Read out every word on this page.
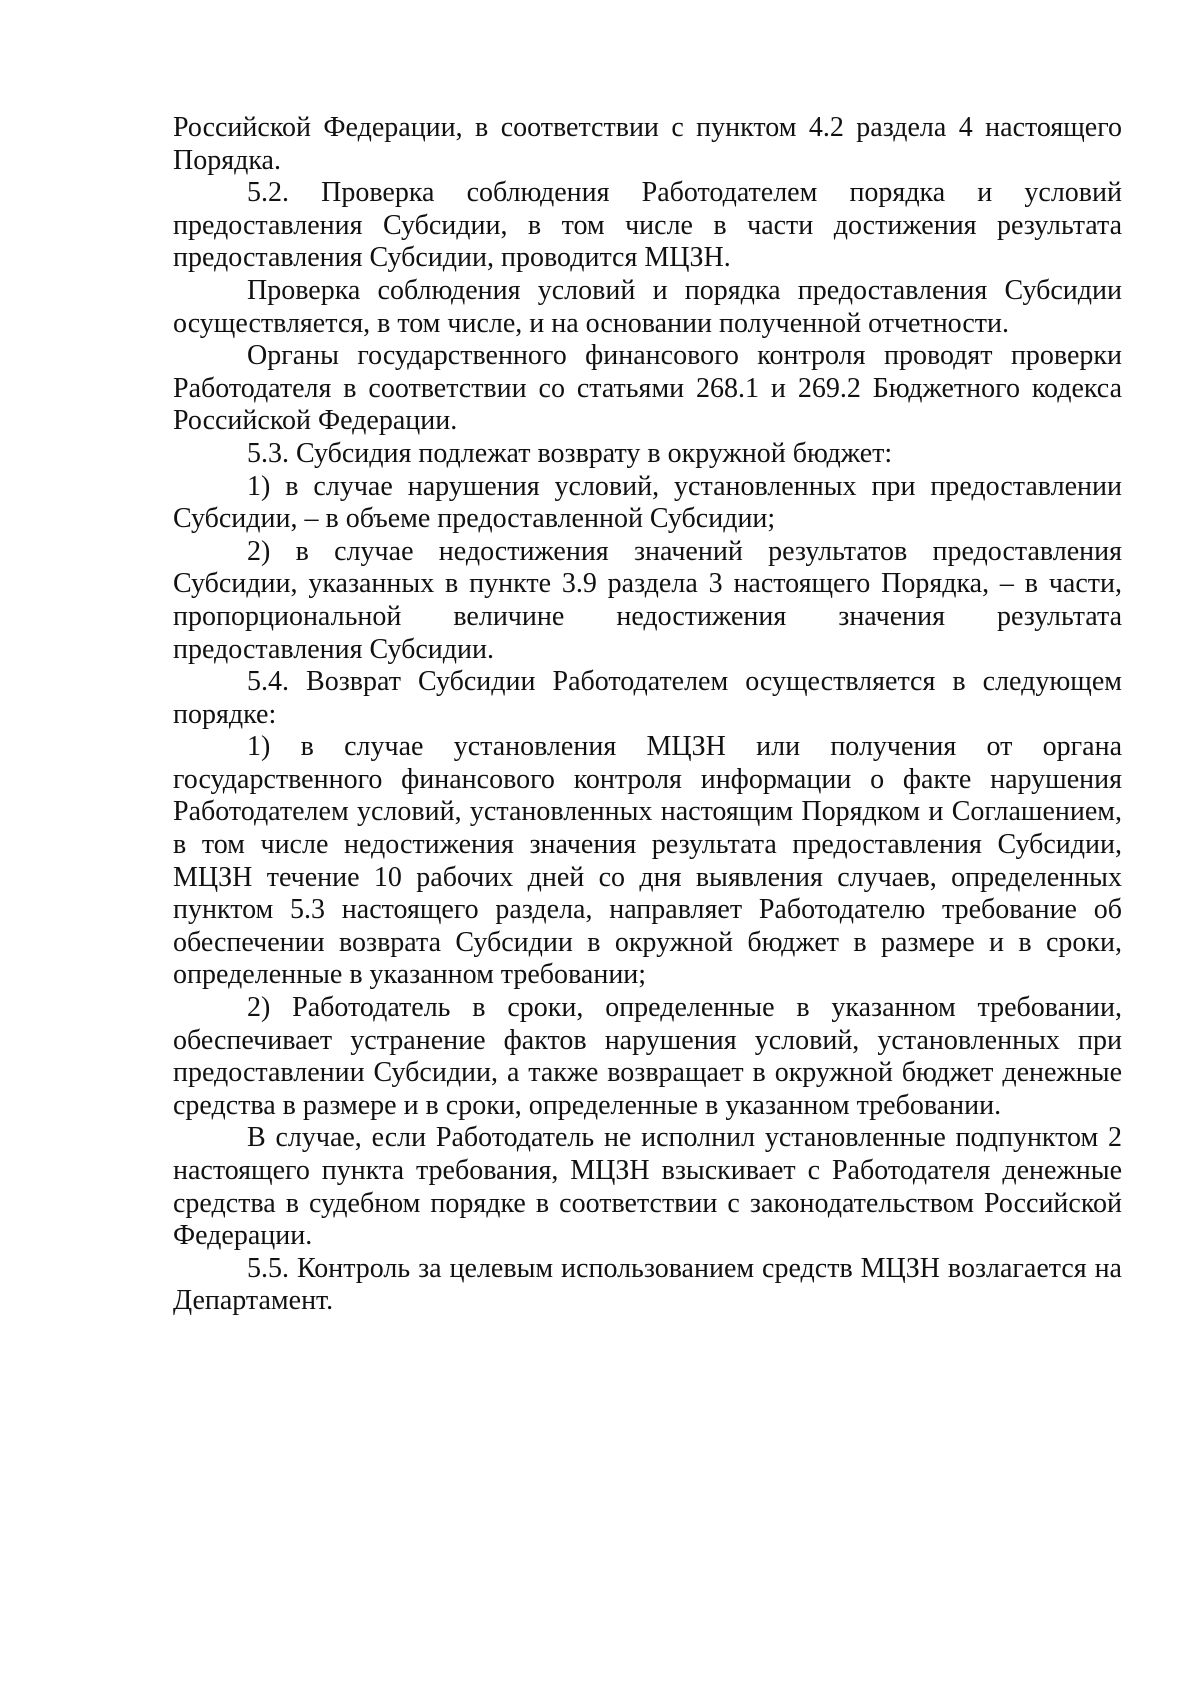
Российской Федерации, в соответствии с пунктом 4.2 раздела 4 настоящего Порядка.

5.2. Проверка соблюдения Работодателем порядка и условий предоставления Субсидии, в том числе в части достижения результата предоставления Субсидии, проводится МЦЗН.

Проверка соблюдения условий и порядка предоставления Субсидии осуществляется, в том числе, и на основании полученной отчетности.

Органы государственного финансового контроля проводят проверки Работодателя в соответствии со статьями 268.1 и 269.2 Бюджетного кодекса Российской Федерации.

5.3. Субсидия подлежат возврату в окружной бюджет:

1) в случае нарушения условий, установленных при предоставлении Субсидии, – в объеме предоставленной Субсидии;

2) в случае недостижения значений результатов предоставления Субсидии, указанных в пункте 3.9 раздела 3 настоящего Порядка, – в части, пропорциональной величине недостижения значения результата предоставления Субсидии.

5.4. Возврат Субсидии Работодателем осуществляется в следующем порядке:

1) в случае установления МЦЗН или получения от органа государственного финансового контроля информации о факте нарушения Работодателем условий, установленных настоящим Порядком и Соглашением, в том числе недостижения значения результата предоставления Субсидии, МЦЗН течение 10 рабочих дней со дня выявления случаев, определенных пунктом 5.3 настоящего раздела, направляет Работодателю требование об обеспечении возврата Субсидии в окружной бюджет в размере и в сроки, определенные в указанном требовании;

2) Работодатель в сроки, определенные в указанном требовании, обеспечивает устранение фактов нарушения условий, установленных при предоставлении Субсидии, а также возвращает в окружной бюджет денежные средства в размере и в сроки, определенные в указанном требовании.

В случае, если Работодатель не исполнил установленные подпунктом 2 настоящего пункта требования, МЦЗН взыскивает с Работодателя денежные средства в судебном порядке в соответствии с законодательством Российской Федерации.

5.5. Контроль за целевым использованием средств МЦЗН возлагается на Департамент.
